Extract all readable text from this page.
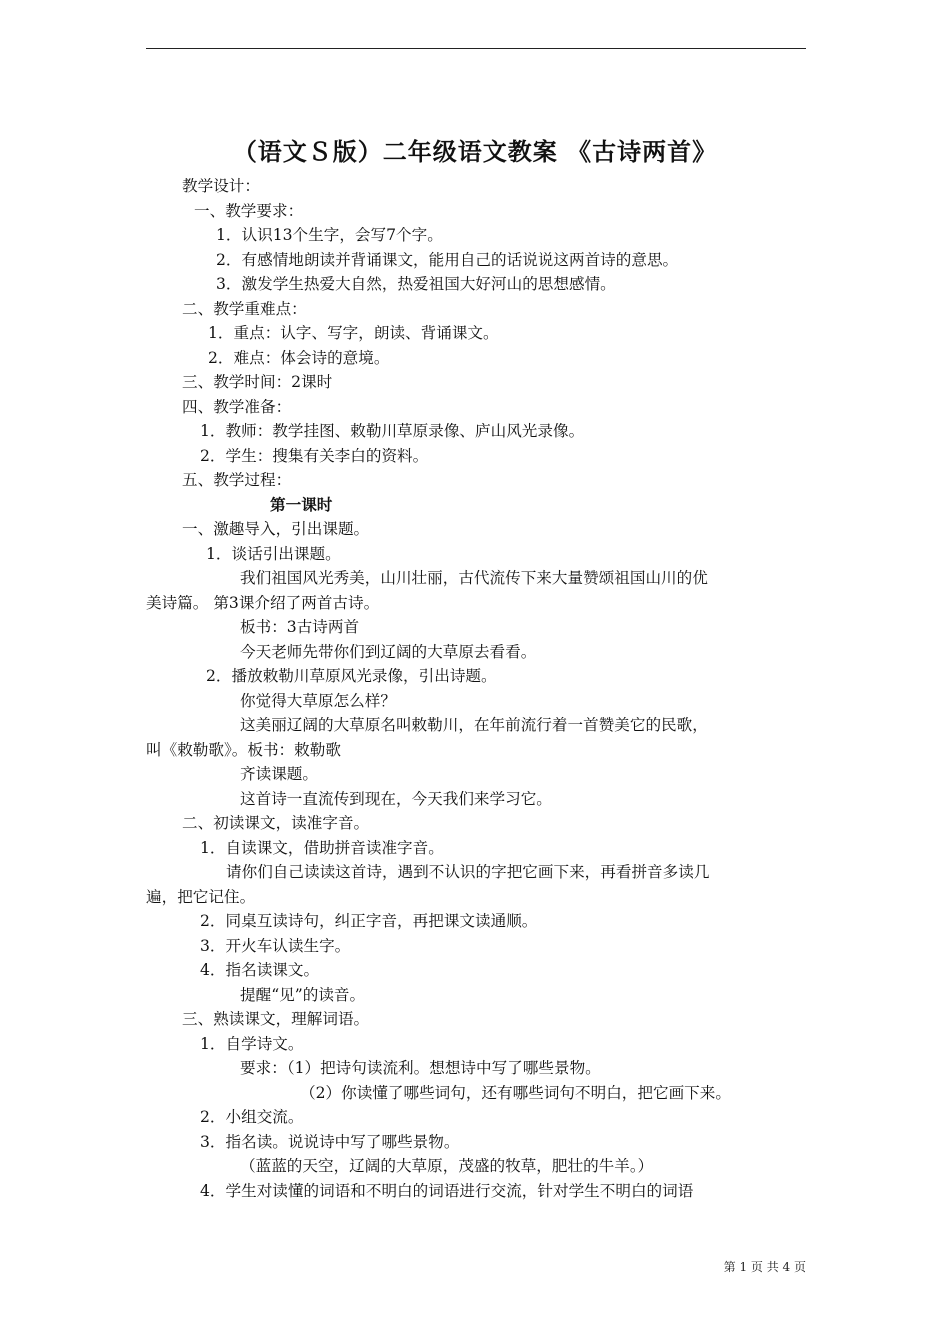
（语文Ｓ版）二年级语文教案 《古诗两首》
教学设计：
一、教学要求：
1．认识13个生字，会写7个字。
2．有感情地朗读并背诵课文，能用自己的话说说这两首诗的意思。
3．激发学生热爱大自然，热爱祖国大好河山的思想感情。
二、教学重难点：
1．重点：认字、写字，朗读、背诵课文。
2．难点：体会诗的意境。
三、教学时间：2课时
四、教学准备：
1．教师：教学挂图、敕勒川草原录像、庐山风光录像。
2．学生：搜集有关李白的资料。
五、教学过程：
第一课时
一、激趣导入，引出课题。
1．谈话引出课题。
我们祖国风光秀美，山川壮丽，古代流传下来大量赞颂祖国山川的优
美诗篇。 第3课介绍了两首古诗。
板书：3古诗两首
今天老师先带你们到辽阔的大草原去看看。
2．播放敕勒川草原风光录像，引出诗题。
你觉得大草原怎么样？
这美丽辽阔的大草原名叫敕勒川，在年前流行着一首赞美它的民歌，
叫《敕勒歌》。板书：敕勒歌
齐读课题。
这首诗一直流传到现在，今天我们来学习它。
二、初读课文，读准字音。
1．自读课文，借助拼音读准字音。
请你们自己读读这首诗，遇到不认识的字把它画下来，再看拼音多读几
遍，把它记住。
2．同桌互读诗句，纠正字音，再把课文读通顺。
3．开火车认读生字。
4．指名读课文。
提醒“见”的读音。
三、熟读课文，理解词语。
1．自学诗文。
要求：（1）把诗句读流利。想想诗中写了哪些景物。
（2）你读懂了哪些词句，还有哪些词句不明白，把它画下来。
2．小组交流。
3．指名读。说说诗中写了哪些景物。
（蓝蓝的天空，辽阔的大草原，茂盛的牧草，肥壮的牛羊。）
4．学生对读懂的词语和不明白的词语进行交流，针对学生不明白的词语
第 1 页 共 4 页
